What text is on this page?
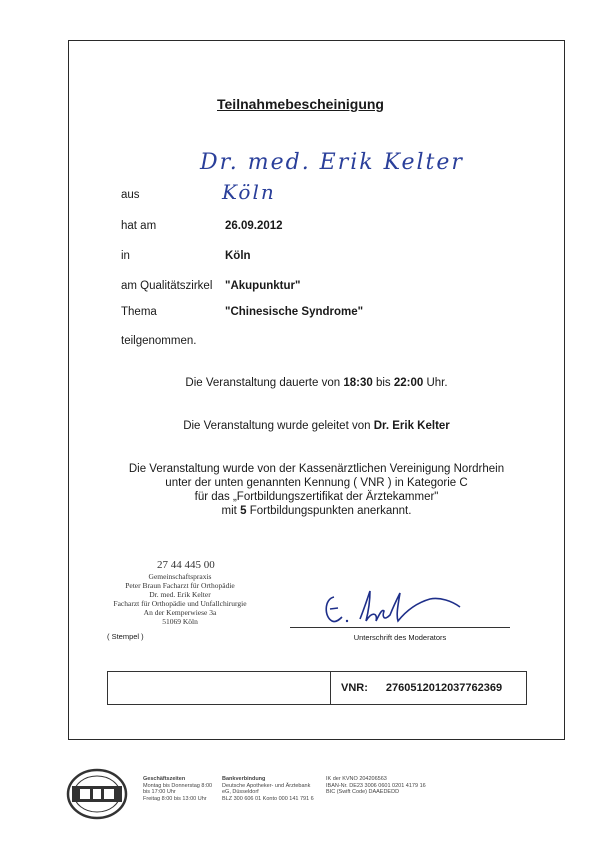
Teilnahmebescheinigung
Dr. med. Erik Kelter
aus	Köln
hat am	26.09.2012
in	Köln
am Qualitätszirkel "Akupunktur"
Thema	"Chinesische Syndrome"
teilgenommen.
Die Veranstaltung dauerte von 18:30 bis 22:00 Uhr.
Die Veranstaltung wurde geleitet von Dr. Erik Kelter
Die Veranstaltung wurde von der Kassenärztlichen Vereinigung Nordrhein
unter der unten genannten Kennung ( VNR ) in Kategorie C
für das „Fortbildungszertifikat der Ärztekammer"
mit 5 Fortbildungspunkten anerkannt.
27 44 445 00
Gemeinschaftspraxis
Peter Braun Facharzt für Orthopädie
Dr. med. Erik Kelter
Facharzt für Orthopädie und Unfallchirurgie
An der Kemperwiese 3a
51069 Köln
( Stempel )	Unterschrift des Moderators
VNR: 2760512012037762369
Geschäftszeiten
Montag bis Donnerstag 8:00
bis 17:00 Uhr
Freitag 8:00 bis 13:00 Uhr
Bankverbindung
Deutsche Apotheker- und Ärztebank
eG, Düsseldorf
BLZ 300 606 01 Konto 000 141 791 6
IK der KVNO 204206563
IBAN-Nr. DE23 3006 0601 0201 4179 16
BIC (Swift Code) DAAEDEDD
